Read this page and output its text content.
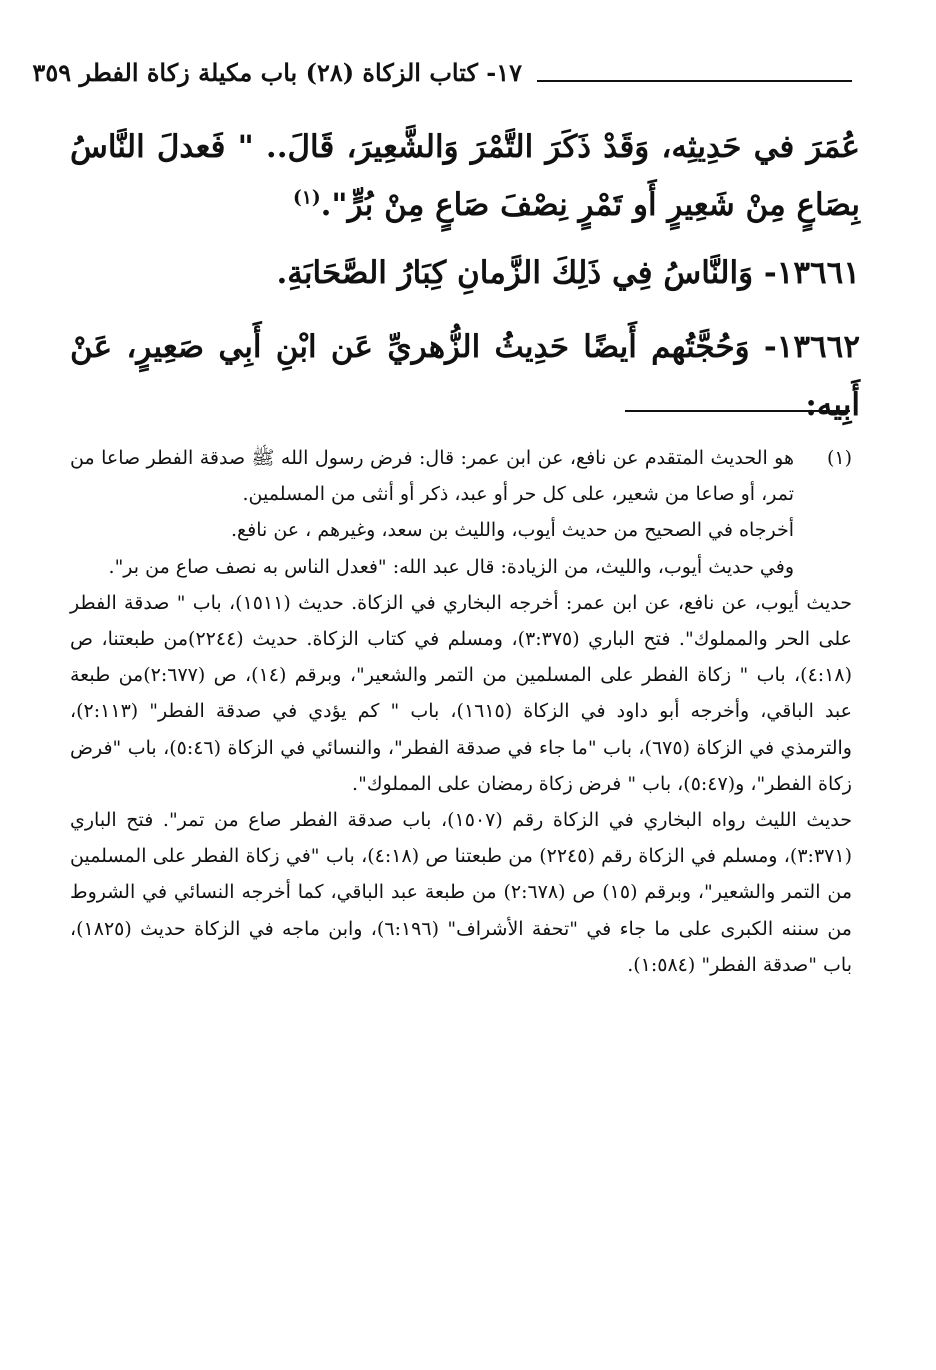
١٧- كتاب الزكاة (٢٨) باب مكيلة زكاة الفطر ٣٥٩

عُمَرَ في حَدِيثِه، وَقَدْ ذَكَرَ التَّمْرَ وَالشَّعِيرَ، قَالَ.. " فَعدلَ النَّاسُ بِصَاعٍ مِنْ شَعِيرٍ أَو تَمْرٍ نِصْفَ صَاعٍ مِنْ بُرٍّ".$^{(١)}$

١٣٦٦١- وَالنَّاسُ فِي ذَلِكَ الزَّمانِ كِبَارُ الصَّحَابَةِ.

١٣٦٦٢- وَحُجَّتُهم أَيضًا حَدِيثُ الزُّهريِّ عَن ابْنِ أَبِي صَعِيرٍ، عَنْ أَبِيه:

(١)

هو الحديث المتقدم عن نافع، عن ابن عمر: قال: فرض رسول الله ﷺ صدقة الفطر صاعا من تمر، أو صاعا من شعير، على كل حر أو عبد، ذكر أو أنثى من المسلمين.

أخرجاه في الصحيح من حديث أيوب، والليث بن سعد، وغيرهم ، عن نافع.

وفي حديث أيوب، والليث، من الزيادة: قال عبد الله: "فعدل الناس به نصف صاع من بر".

حديث أيوب، عن نافع، عن ابن عمر: أخرجه البخاري في الزكاة. حديث (١٥١١)، باب " صدقة الفطر على الحر والمملوك". فتح الباري (٣:٣٧٥)، ومسلم في كتاب الزكاة. حديث (٢٢٤٤)من طبعتنا، ص (٤:١٨)، باب " زكاة الفطر على المسلمين من التمر والشعير"، وبرقم (١٤)، ص (٢:٦٧٧)من طبعة عبد الباقي، وأخرجه أبو داود في الزكاة (١٦١٥)، باب " كم يؤدي في صدقة الفطر" (٢:١١٣)، والترمذي في الزكاة (٦٧٥)، باب "ما جاء في صدقة الفطر"، والنسائي في الزكاة (٥:٤٦)، باب "فرض زكاة الفطر"، و(٥:٤٧)، باب " فرض زكاة رمضان على المملوك".

حديث الليث رواه البخاري في الزكاة رقم (١٥٠٧)، باب صدقة الفطر صاع من تمر". فتح الباري (٣:٣٧١)، ومسلم في الزكاة رقم (٢٢٤٥) من طبعتنا ص (٤:١٨)، باب "في زكاة الفطر على المسلمين من التمر والشعير"، وبرقم (١٥) ص (٢:٦٧٨) من طبعة عبد الباقي، كما أخرجه النسائي في الشروط من سننه الكبرى على ما جاء في "تحفة الأشراف" (٦:١٩٦)، وابن ماجه في الزكاة حديث (١٨٢٥)، باب "صدقة الفطر" (١:٥٨٤).
